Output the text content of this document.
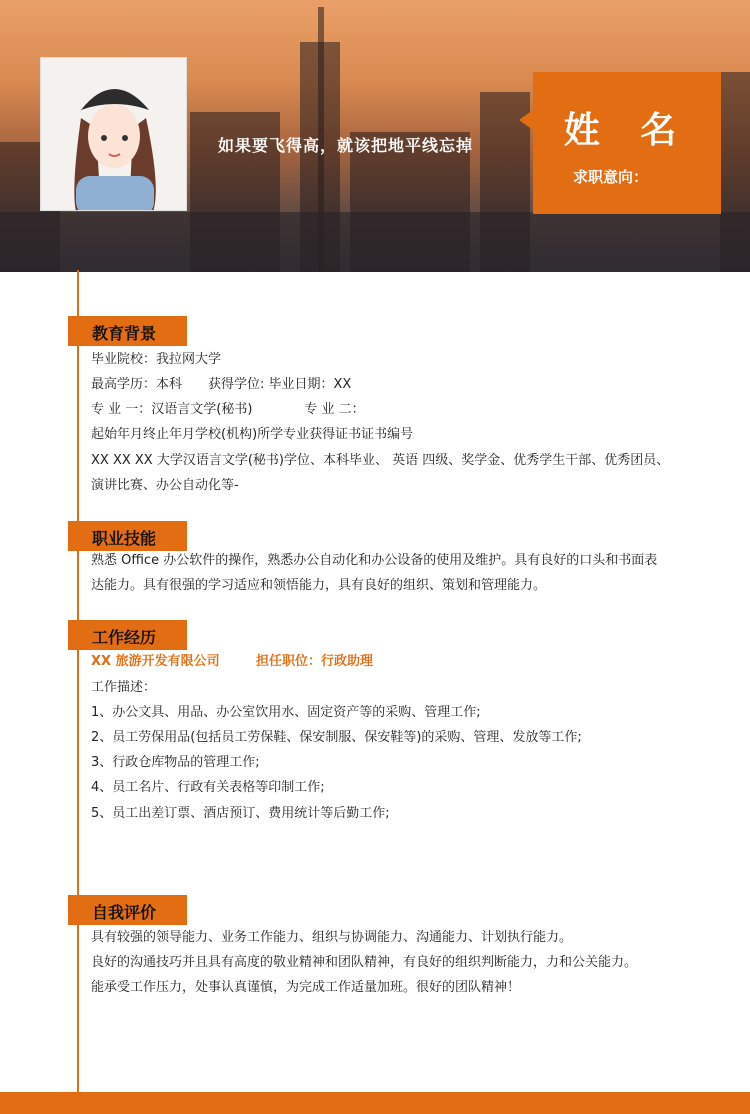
如果要飞得高，就该把地平线忘掉	姓 名
求职意向：
教育背景
毕业院校：我拉网大学
最高学历：本科　　获得学位: 毕业日期：XX
专 业 一：汉语言文学(秘书)　　　　专 业 二：
起始年月终止年月学校(机构)所学专业获得证书证书编号
XX XX XX 大学汉语言文学(秘书)学位、本科毕业、 英语 四级、奖学金、优秀学生干部、优秀团员、
演讲比赛、办公自动化等-
职业技能
熟悉 Office 办公软件的操作，熟悉办公自动化和办公设备的使用及维护。具有良好的口头和书面表
达能力。具有很强的学习适应和领悟能力，具有良好的组织、策划和管理能力。
工作经历
XX 旅游开发有限公司	担任职位：行政助理
工作描述：
1、办公文具、用品、办公室饮用水、固定资产等的采购、管理工作;
2、员工劳保用品(包括员工劳保鞋、保安制服、保安鞋等)的采购、管理、发放等工作;
3、行政仓库物品的管理工作;
4、员工名片、行政有关表格等印制工作;
5、员工出差订票、酒店预订、费用统计等后勤工作;
自我评价
具有较强的领导能力、业务工作能力、组织与协调能力、沟通能力、计划执行能力。
良好的沟通技巧并且具有高度的敬业精神和团队精神，有良好的组织判断能力，力和公关能力。
能承受工作压力，处事认真谨慎，为完成工作适量加班。很好的团队精神！
